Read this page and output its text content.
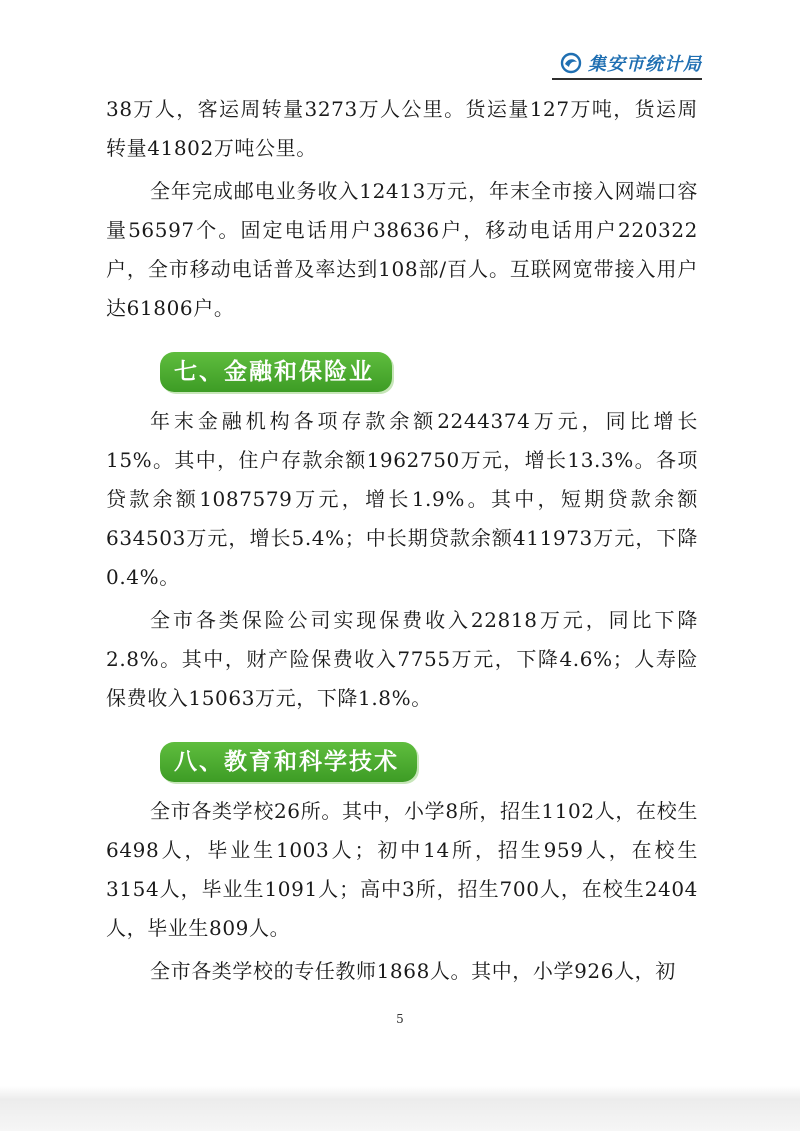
集安市统计局

38万人，客运周转量3273万人公里。货运量127万吨，货运周转量41802万吨公里。

全年完成邮电业务收入12413万元，年末全市接入网端口容量56597个。固定电话用户38636户，移动电话用户220322户，全市移动电话普及率达到108部/百人。互联网宽带接入用户达61806户。

七、金融和保险业

年末金融机构各项存款余额2244374万元，同比增长15%。其中，住户存款余额1962750万元，增长13.3%。各项贷款余额1087579万元，增长1.9%。其中，短期贷款余额634503万元，增长5.4%；中长期贷款余额411973万元，下降0.4%。

全市各类保险公司实现保费收入22818万元，同比下降2.8%。其中，财产险保费收入7755万元，下降4.6%；人寿险保费收入15063万元，下降1.8%。

八、教育和科学技术

全市各类学校26所。其中，小学8所，招生1102人，在校生6498人，毕业生1003人；初中14所，招生959人，在校生3154人，毕业生1091人；高中3所，招生700人，在校生2404人，毕业生809人。

全市各类学校的专任教师1868人。其中，小学926人，初

5
